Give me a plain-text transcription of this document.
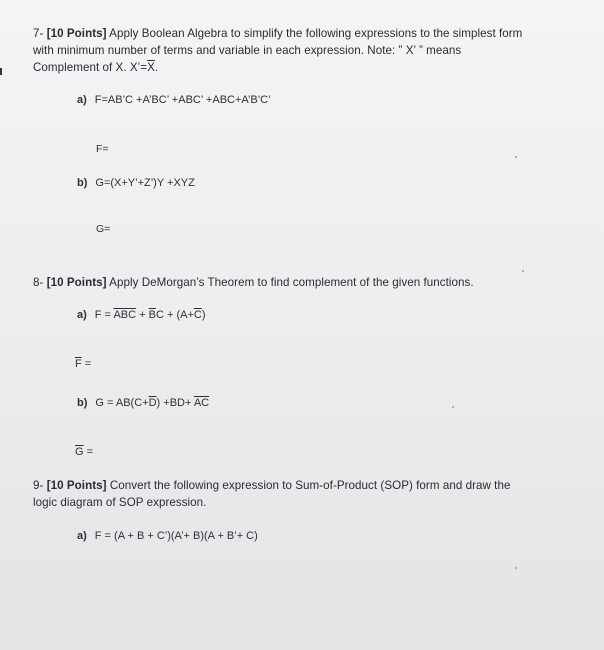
7- [10 Points] Apply Boolean Algebra to simplify the following expressions to the simplest form
with minimum number of terms and variable in each expression. Note: ” X’ ” means
Complement of X. $X’=\overline{X}$.
a) F=AB’C +A’BC’ +ABC’ +ABC+A’B’C’
F=
b) G=(X+Y’+Z’)Y +XYZ
G=
8- [10 Points] Apply DeMorgan’s Theorem to find complement of the given functions.
a) $F = \overline{ABC} + \overline{B}C + (A+\overline{C})$
$\overline{F}$ =
b) $G = AB(C+\overline{D}) +BD+ \overline{AC}$
$\overline{G}$ =
9- [10 Points] Convert the following expression to Sum-of-Product (SOP) form and draw the
logic diagram of SOP expression.
a) F = (A + B + C’)(A’+ B)(A + B’+ C)
